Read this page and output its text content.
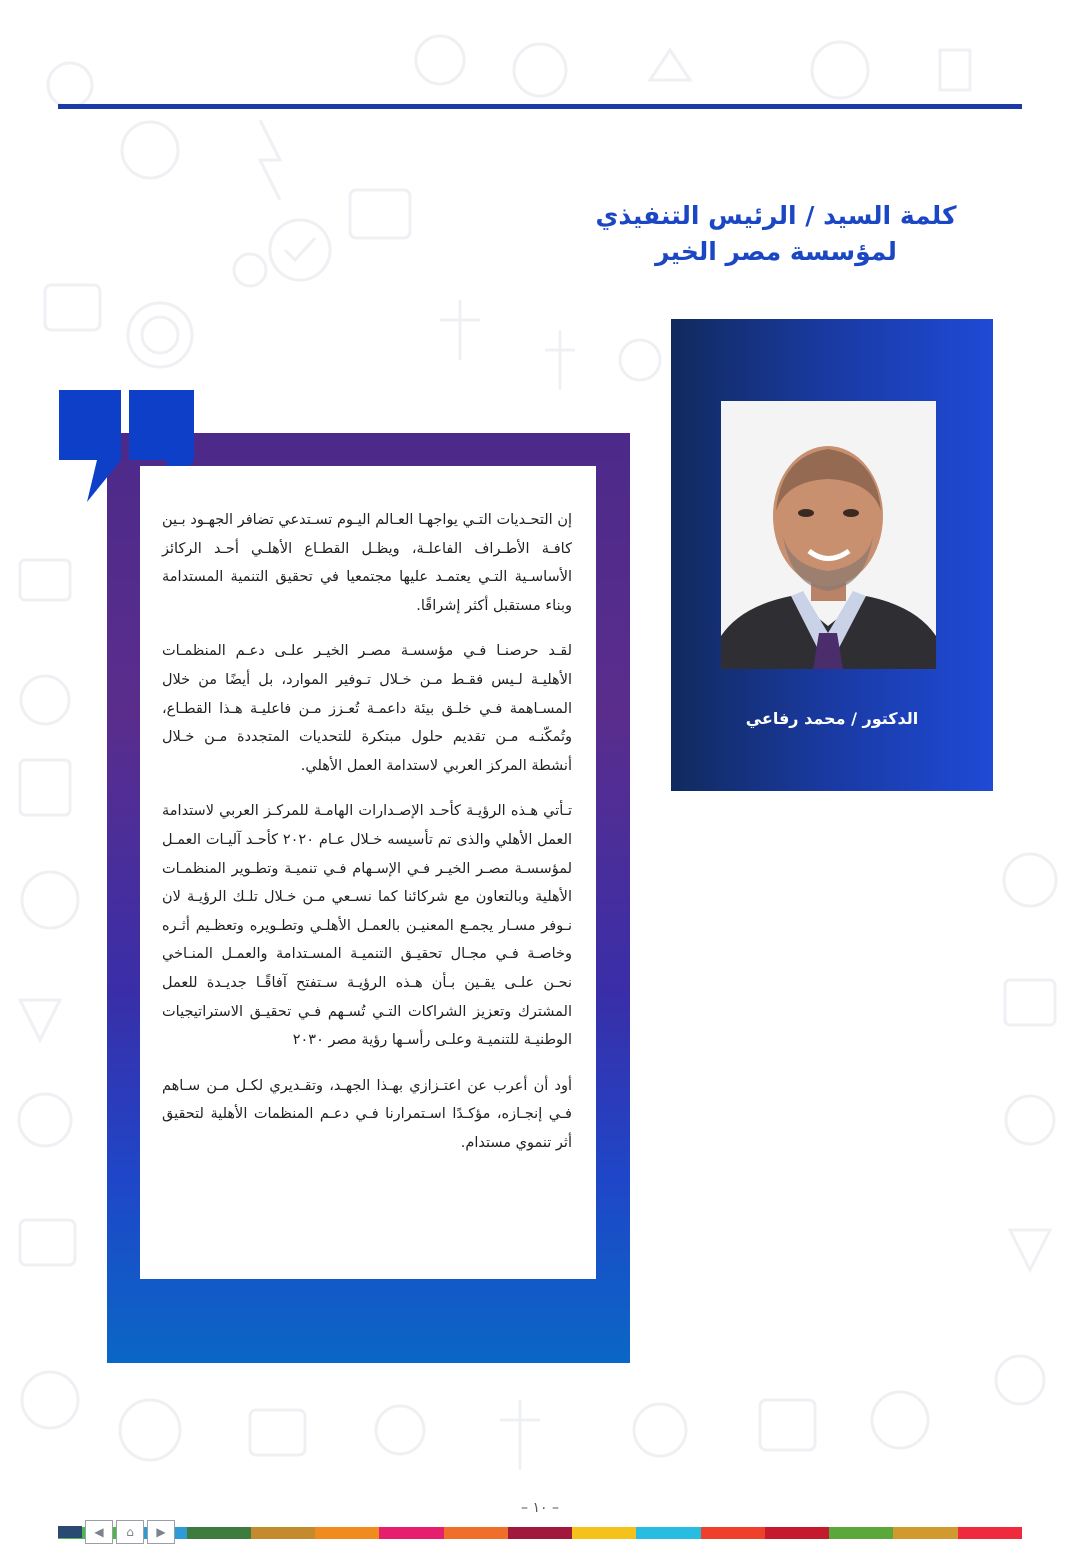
كلمة السيد / الرئيس التنفيذي
لمؤسسة مصر الخير
الدكتور / محمد رفاعي

إن التحـديات التـي يواجهـا العـالم اليـوم تسـتدعي تضافر الجهـود بـين كافـة الأطـراف الفاعلـة، ويظـل القطـاع الأهلـي أحـد الركائز الأساسـية التـي يعتمـد عليها مجتمعيا في تحقيق التنمية المستدامة وبناء مستقبل أكثر إشراقًا.

لقـد حرصنـا فـي مؤسسـة مصـر الخيـر علـى دعـم المنظمـات الأهليـة لـيس فقـط مـن خـلال تـوفير الموارد، بل أيضًا من خلال المسـاهمة فـي خلـق بيئة داعمـة تُعـزز مـن فاعليـة هـذا القطـاع، وتُمكّنـه مـن تقديم حلول مبتكرة للتحديات المتجددة مـن خـلال أنشطة المركز العربي لاستدامة العمل الأهلي.

تـأتي هـذه الرؤيـة كأحـد الإصـدارات الهامـة للمركـز العربي لاستدامة العمل الأهلي والذى تم تأسيسه خـلال عـام ٢٠٢٠ كأحـد آليـات العمـل لمؤسسـة مصـر الخيـر فـي الإسـهام فـي تنميـة وتطـوير المنظمـات الأهلية وبالتعاون مع شركائنا كما نسـعي مـن خـلال تلـك الرؤيـة لان نـوفر مسـار يجمـع المعنيـن بالعمـل الأهلـي وتطـويره وتعظـيم أثـره وخاصـة فـي مجـال تحقيـق التنميـة المسـتدامة والعمـل المنـاخي نحـن علـى يقـين بـأن هـذه الرؤيـة سـتفتح آفاقًـا جديـدة للعمل المشترك وتعزيز الشراكات التـي تُسـهم فـي تحقيـق الاستراتيجيات الوطنيـة للتنميـة وعلـى رأسـها رؤية مصر ٢٠٣٠

أود أن أعرب عن اعتـزازي بهـذا الجهـد، وتقـديري لكـل مـن سـاهم فـي إنجـازه، مؤكـدًا اسـتمرارنا فـي دعـم المنظمات الأهلية لتحقيق أثر تنموي مستدام.

– ١٠ –
◀	⌂	▶
